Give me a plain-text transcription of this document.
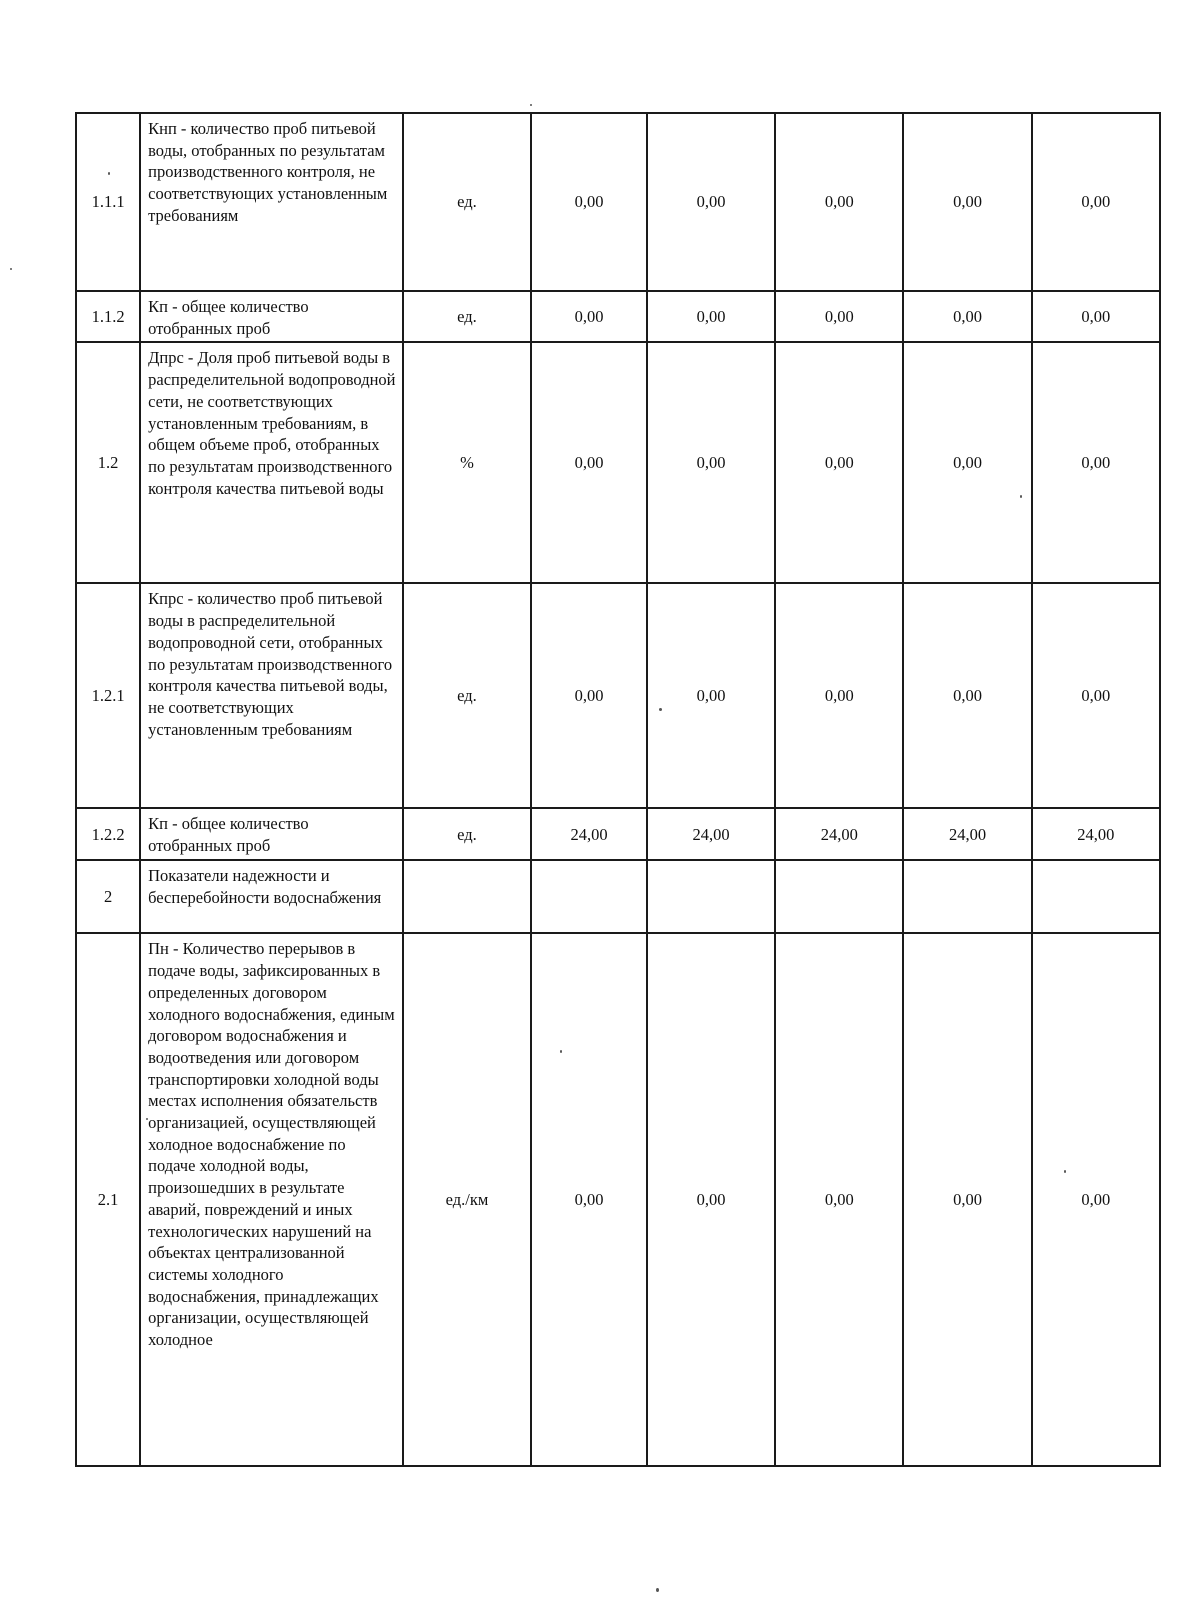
1.1.1	Кнп - количество проб питьевой воды, отобранных по результатам производственного контроля, не соответствующих установленным требованиям	ед.	0,00	0,00	0,00	0,00	0,00
1.1.2	Кп - общее количество отобранных проб	ед.	0,00	0,00	0,00	0,00	0,00
1.2	Дпрс - Доля проб питьевой воды в распределительной водопроводной сети, не соответствующих установленным требованиям, в общем объеме проб, отобранных по результатам производственного контроля качества питьевой воды	%	0,00	0,00	0,00	0,00	0,00
1.2.1	Кпрс - количество проб питьевой воды в распределительной водопроводной сети, отобранных по результатам производственного контроля качества питьевой воды, не соответствующих установленным требованиям	ед.	0,00	0,00	0,00	0,00	0,00
1.2.2	Кп - общее количество отобранных проб	ед.	24,00	24,00	24,00	24,00	24,00
2	Показатели надежности и бесперебойности водоснабжения						

2.1	Пн - Количество перерывов в подаче воды, зафиксированных в определенных договором холодного водоснабжения, единым договором водоснабжения и водоотведения или договором транспортировки холодной воды местах исполнения обязательств организацией, осуществляющей холодное водоснабжение по подаче холодной воды, произошедших в результате аварий, повреждений и иных технологических нарушений на объектах централизованной системы холодного водоснабжения, принадлежащих организации, осуществляющей холодное	ед./км	0,00	0,00	0,00	0,00	0,00
